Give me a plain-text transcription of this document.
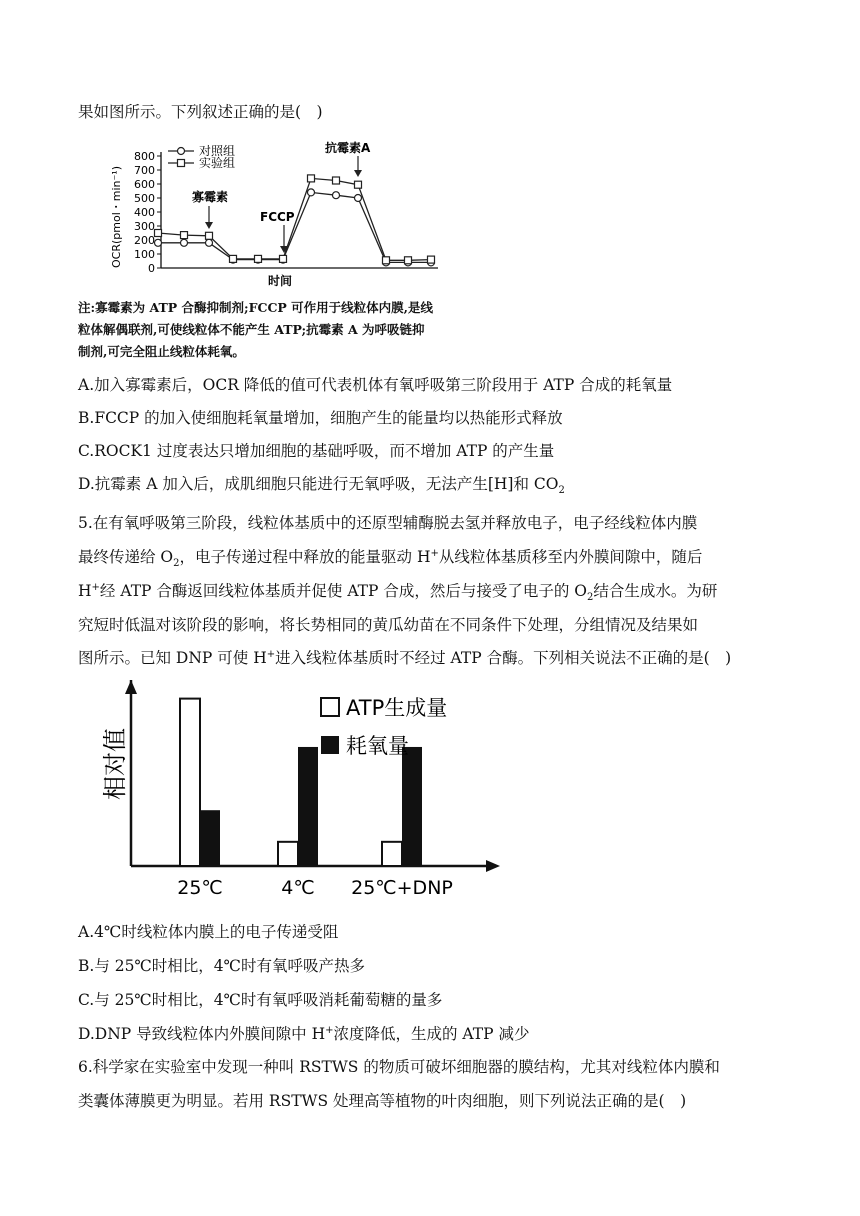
果如图所示。下列叙述正确的是(　)
800
700
600
500
400
300
200
100
0
时间
OCR(pmol・min⁻¹)
对照组
实验组
寡霉素
FCCP
抗霉素A
注:寡霉素为 ATP 合酶抑制剂;FCCP 可作用于线粒体内膜,是线
粒体解偶联剂,可使线粒体不能产生 ATP;抗霉素 A 为呼吸链抑
制剂,可完全阻止线粒体耗氧。
A.加入寡霉素后，OCR 降低的值可代表机体有氧呼吸第三阶段用于 ATP 合成的耗氧量
B.FCCP 的加入使细胞耗氧量增加，细胞产生的能量均以热能形式释放
C.ROCK1 过度表达只增加细胞的基础呼吸，而不增加 ATP 的产生量
D.抗霉素 A 加入后，成肌细胞只能进行无氧呼吸，无法产生[H]和 $CO_2$
5.在有氧呼吸第三阶段，线粒体基质中的还原型辅酶脱去氢并释放电子，电子经线粒体内膜
最终传递给 $O_2$，电子传递过程中释放的能量驱动 H+从线粒体基质移至内外膜间隙中，随后
H+经 ATP 合酶返回线粒体基质并促使 ATP 合成，然后与接受了电子的 $O_2$结合生成水。为研
究短时低温对该阶段的影响，将长势相同的黄瓜幼苗在不同条件下处理，分组情况及结果如
图所示。已知 DNP 可使 H+进入线粒体基质时不经过 ATP 合酶。下列相关说法不正确的是(　)
25℃	4℃ 25℃+DNP
相对值
ATP生成量
耗氧量
A.4℃时线粒体内膜上的电子传递受阻
B.与 25℃时相比，4℃时有氧呼吸产热多
C.与 25℃时相比，4℃时有氧呼吸消耗葡萄糖的量多
D.DNP 导致线粒体内外膜间隙中 H+浓度降低，生成的 ATP 减少
6.科学家在实验室中发现一种叫 RSTWS 的物质可破坏细胞器的膜结构，尤其对线粒体内膜和
类囊体薄膜更为明显。若用 RSTWS 处理高等植物的叶肉细胞，则下列说法正确的是(　)
